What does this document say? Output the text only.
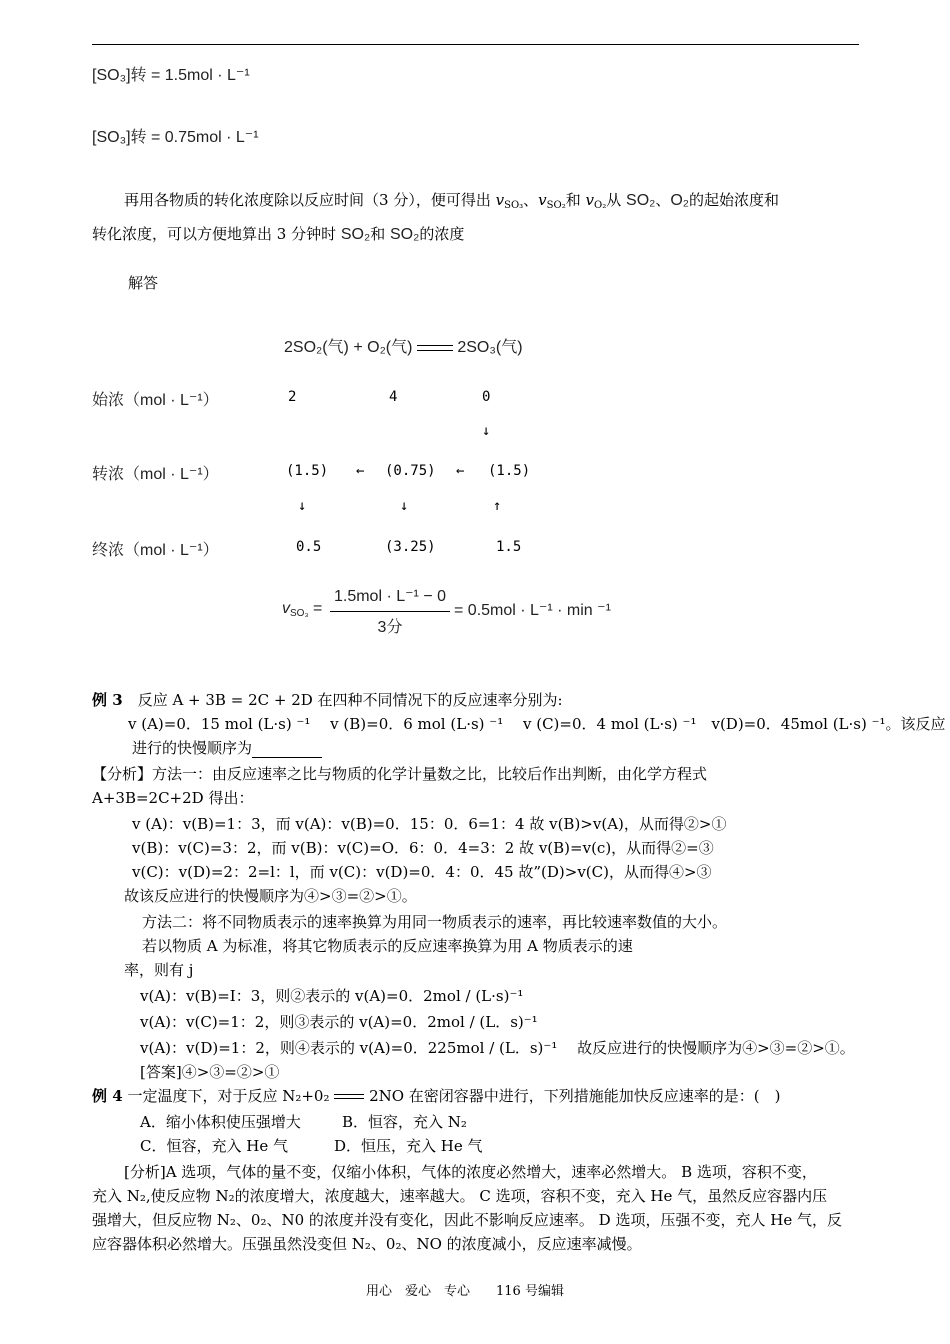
[SO₃]转 = 1.5mol · L⁻¹
[SO₃]转 = 0.75mol · L⁻¹
再用各物质的转化浓度除以反应时间（3 分），便可得出 $v_{SO_3}$、$v_{SO_2}$和 $v_{O_2}$从 SO₂、O₂的起始浓度和
转化浓度，可以方便地算出 3 分钟时 SO₂和 SO₂的浓度
解答
2SO₂(气) + O₂(气)	2SO₃(气)
始浓（mol · L⁻¹）	2	4	0
↓
转浓（mol · L⁻¹）	(1.5) ← (0.75) ← (1.5)
↓	↓	↑
终浓（mol · L⁻¹）	0.5	(3.25)	1.5
$v_{SO_3}$ =
1.5mol · L⁻¹ − 0
3分
= 0.5mol · L⁻¹ · min ⁻¹
例 3　 反应 A + 3B = 2C + 2D 在四种不同情况下的反应速率分别为:
v (A)=0．15 mol (L·s) ⁻¹　 v (B)=0．6 mol (L·s) ⁻¹　 v (C)=0．4 mol (L·s) ⁻¹　v(D)=0．45mol (L·s) ⁻¹。该反应
进行的快慢顺序为
【分析】方法一：由反应速率之比与物质的化学计量数之比，比较后作出判断，由化学方程式
A+3B=2C+2D 得出：
v (A)：v(B)=1：3，而 v(A)：v(B)=0．15：0．6=1：4 故 v(B)>v(A)，从而得②>①
v(B)：v(C)=3：2，而 v(B)：v(C)=O．6：0．4=3：2 故 v(B)=v(c)，从而得②=③
v(C)：v(D)=2：2=l：l，而 v(C)：v(D)=0．4：0．45 故”(D)>v(C)，从而得④>③
故该反应进行的快慢顺序为④>③=②>①。
方法二：将不同物质表示的速率换算为用同一物质表示的速率，再比较速率数值的大小。
若以物质 A 为标准，将其它物质表示的反应速率换算为用 A 物质表示的速
率，则有 j
v(A)：v(B)=I：3，则②表示的 v(A)=0．2mol / (L·s)⁻¹
v(A)：v(C)=1：2，则③表示的 v(A)=0．2mol / (L．s)⁻¹
v(A)：v(D)=1：2，则④表示的 v(A)=0．225mol / (L．s)⁻¹　 故反应进行的快慢顺序为④>③=②>①。
[答案]④>③=②>①
例 4 一定温度下，对于反应 N₂+0₂	2NO 在密闭容器中进行，下列措施能加快反应速率的是：(　)
A．缩小体积使压强增大	B．恒容，充入 N₂
C．恒容，充入 He 气	D．恒压，充入 He 气
[分析]A 选项，气体的量不变，仅缩小体积，气体的浓度必然增大，速率必然增大。 B 选项，容积不变，
充入 N₂,使反应物 N₂的浓度增大，浓度越大，速率越大。 C 选项，容积不变，充入 He 气，虽然反应容器内压
强增大，但反应物 N₂、0₂、N0 的浓度并没有变化，因此不影响反应速率。 D 选项，压强不变，充人 He 气，反
应容器体积必然增大。压强虽然没变但 N₂、0₂、NO 的浓度减小，反应速率减慢。
用心　爱心　专心　　116 号编辑
